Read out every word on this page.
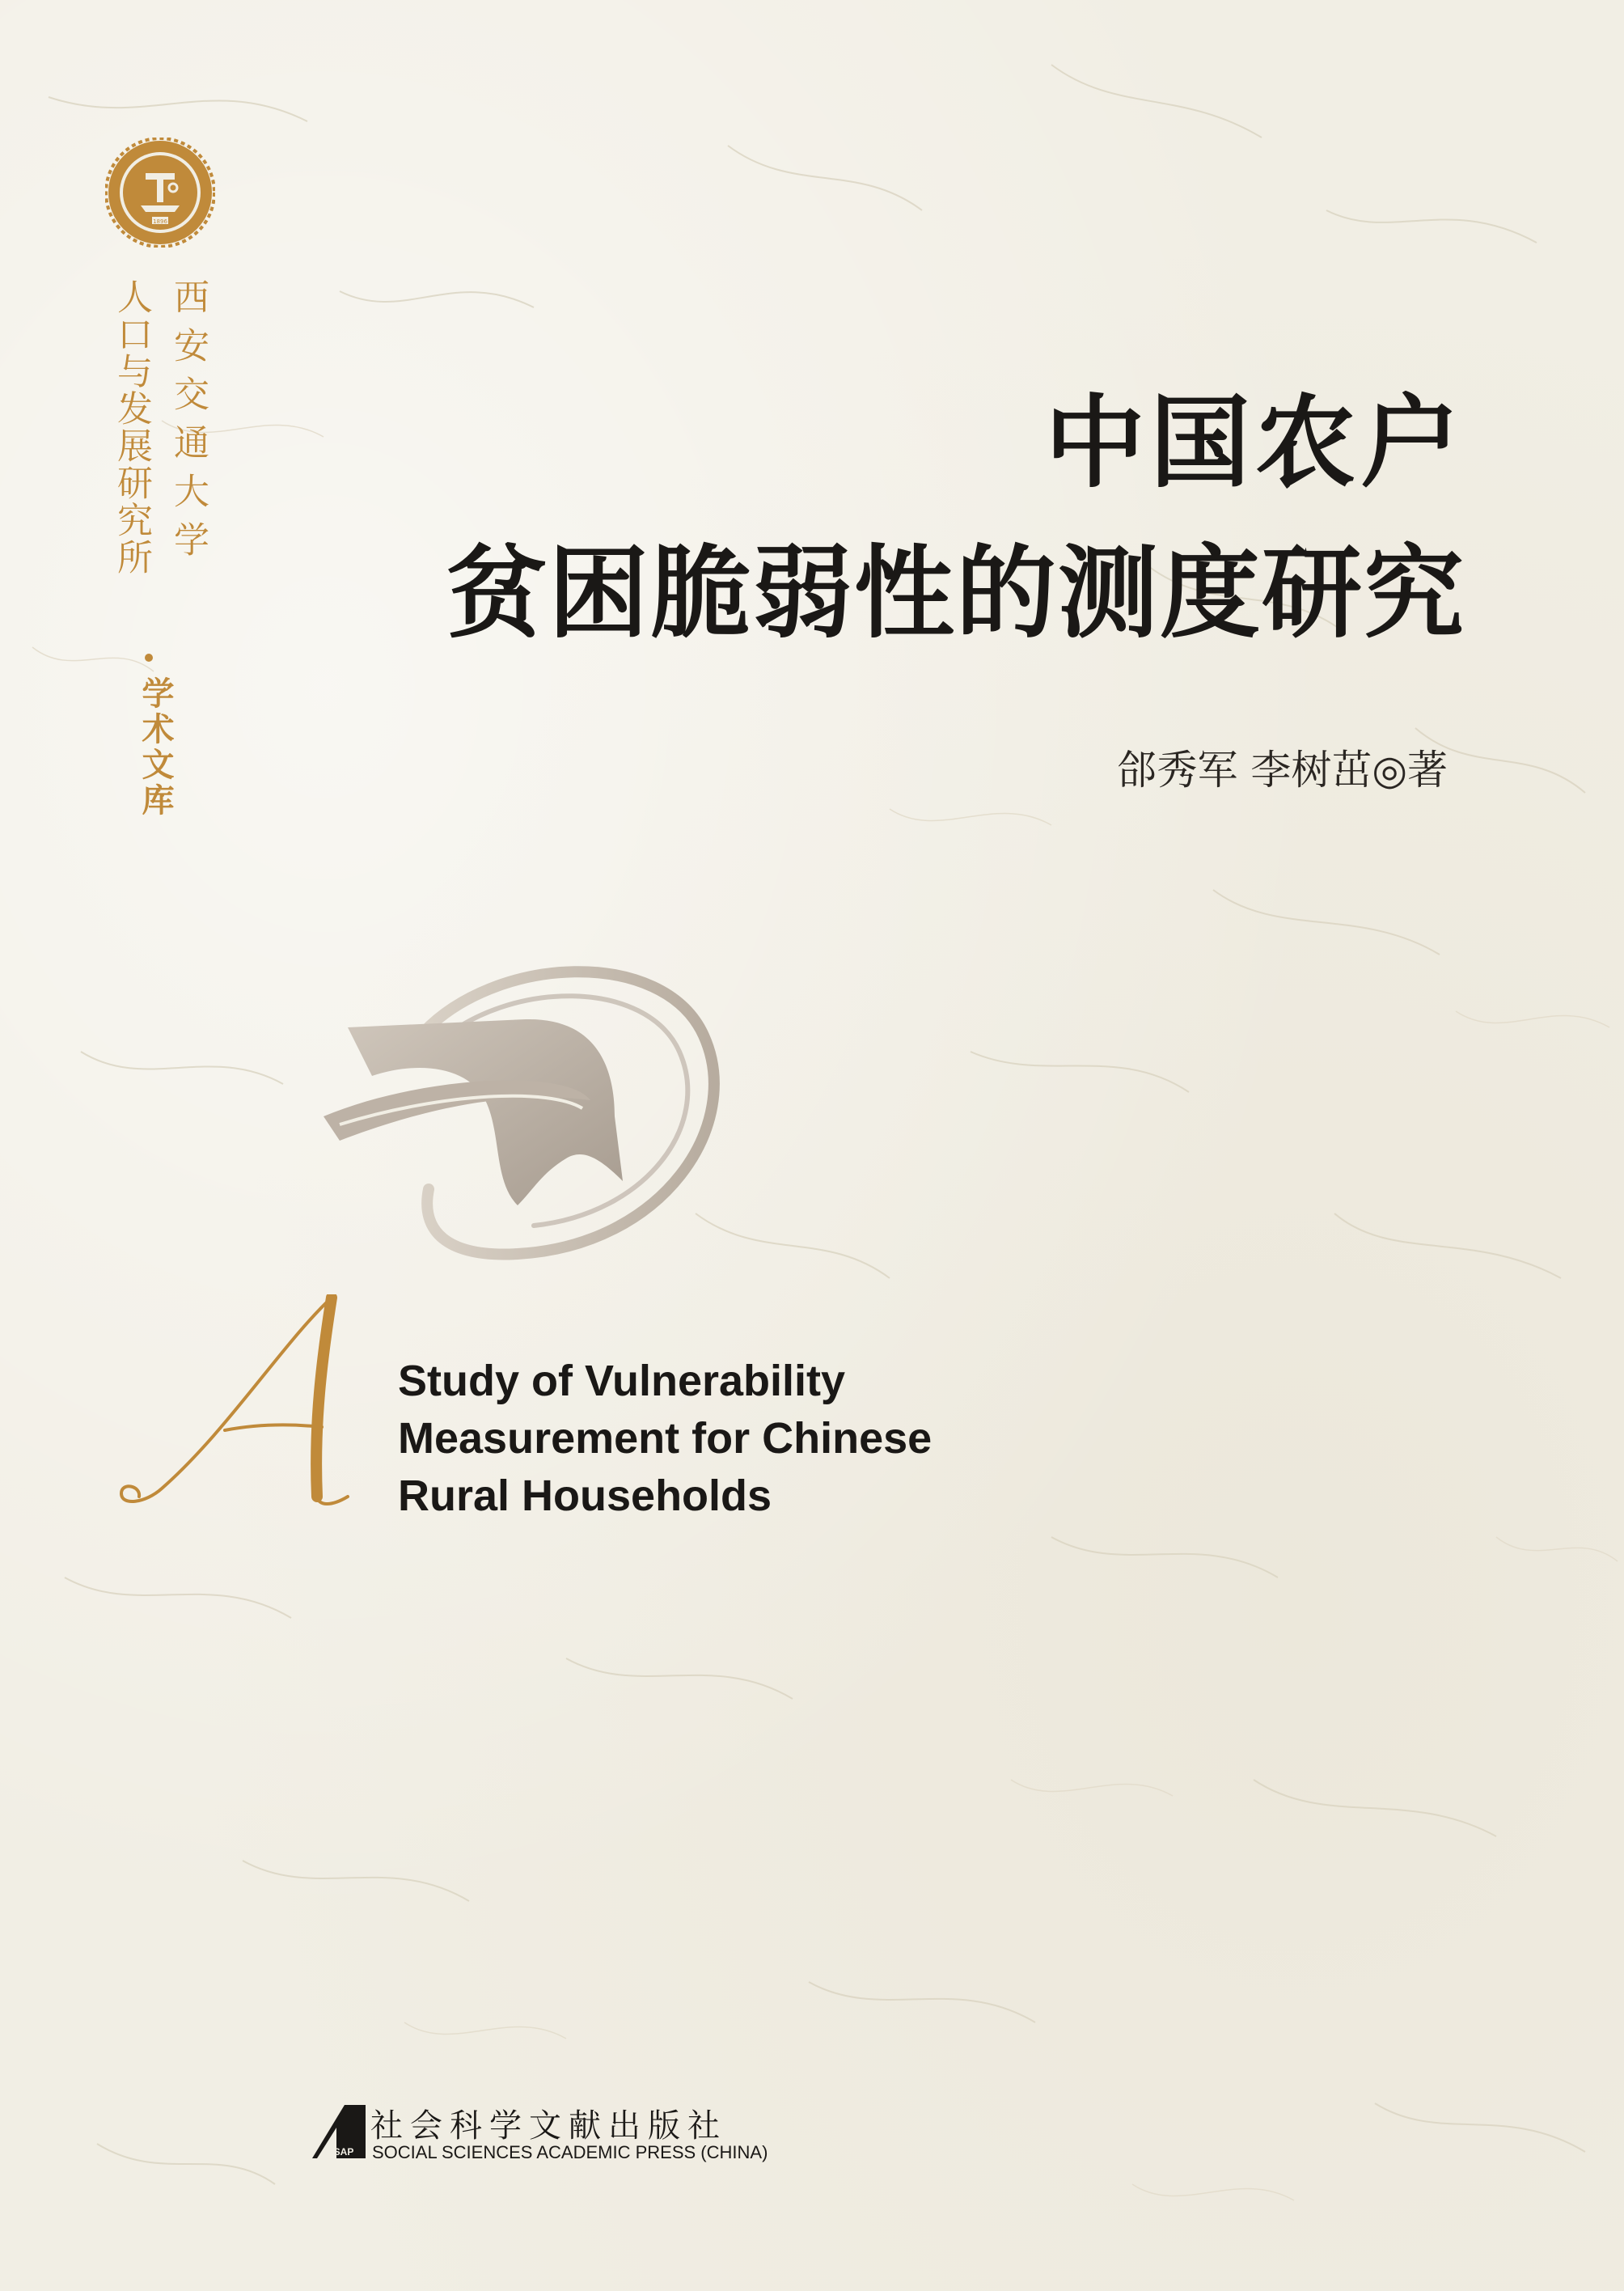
1896
西安交通大学
人口与发展研究所
学术文库
中国农户
贫困脆弱性的测度研究
郃秀军 李树茁◎著
A
Study of Vulnerability
Measurement for Chinese
Rural Households
SSAP
社会科学文献出版社
SOCIAL SCIENCES ACADEMIC PRESS (CHINA)
